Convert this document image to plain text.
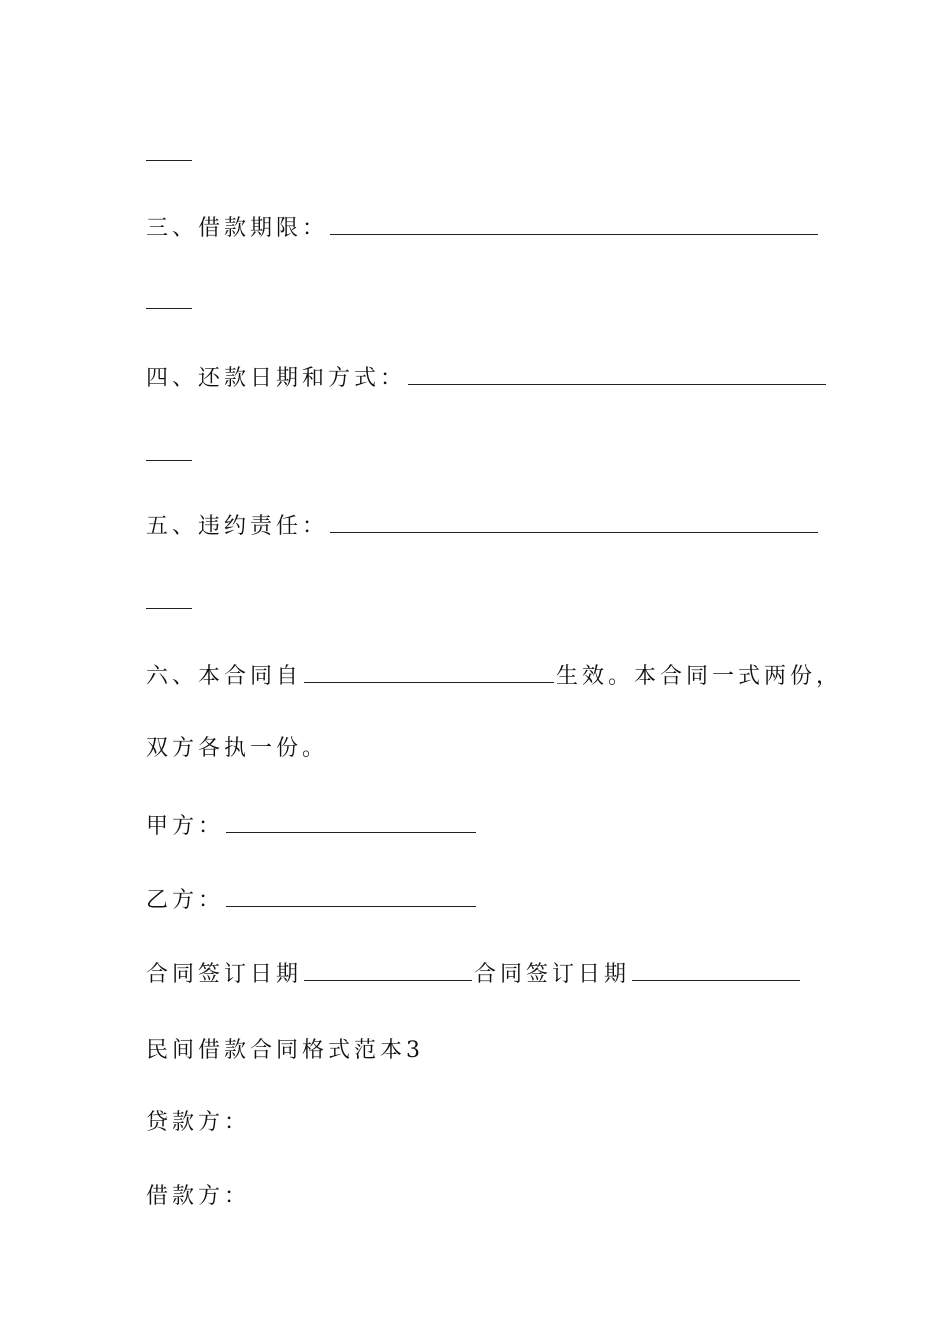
三、借款期限：
四、还款日期和方式：
五、违约责任：
六、本合同自	生效。本合同一式两份，
双方各执一份。
甲方：
乙方：
合同签订日期	合同签订日期
民间借款合同格式范本3
贷款方：
借款方：
